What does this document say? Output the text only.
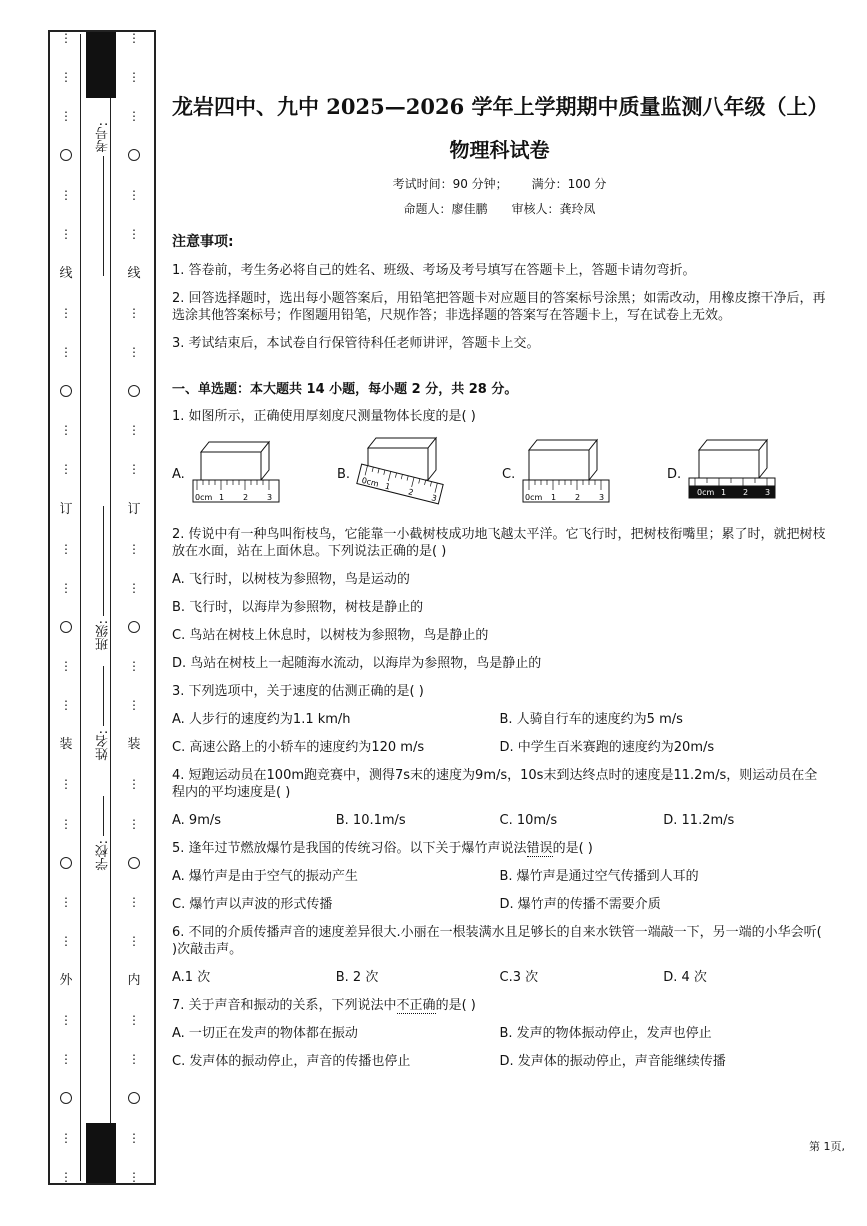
⋮
⋮
⋮
⋮
⋮
线
⋮
⋮
⋮
⋮
订
⋮
⋮
⋮
⋮
装
⋮
⋮
⋮
⋮
外
⋮
⋮
⋮
⋮
考号:
班级:
姓名:
学校:
⋮
⋮
⋮
⋮
⋮
线
⋮
⋮
⋮
⋮
订
⋮
⋮
⋮
⋮
装
⋮
⋮
⋮
⋮
内
⋮
⋮
⋮
⋮
龙岩四中、九中 2025—2026 学年上学期期中质量监测八年级（上）
物理科试卷
考试时间：90 分钟； 满分：100 分
命题人：廖佳鹏 审核人：龚玲凤
注意事项:

1. 答卷前，考生务必将自己的姓名、班级、考场及考号填写在答题卡上，答题卡请勿弯折。

2. 回答选择题时，选出每小题答案后，用铅笔把答题卡对应题目的答案标号涂黑；如需改动，用橡皮擦干净后，再选涂其他答案标号；作图题用铅笔，尺规作答；非选择题的答案写在答题卡上，写在试卷上无效。

3. 考试结束后，本试卷自行保管待科任老师讲评，答题卡上交。

一、单选题：本大题共 14 小题，每小题 2 分，共 28 分。

1. 如图所示，正确使用厚刻度尺测量物体长度的是( )

A.
0cm 1 2 3
B.
0cm 1
2
3
C.
0cm 1 2 3
D.
0cm 1 2 3

2. 传说中有一种鸟叫衔枝鸟，它能靠一小截树枝成功地飞越太平洋。它飞行时，把树枝衔嘴里；累了时，就把树枝放在水面，站在上面休息。下列说法正确的是( )

A. 飞行时，以树枝为参照物，鸟是运动的

B. 飞行时，以海岸为参照物，树枝是静止的

C. 鸟站在树枝上休息时，以树枝为参照物，鸟是静止的

D. 鸟站在树枝上一起随海水流动，以海岸为参照物，鸟是静止的

3. 下列选项中，关于速度的估测正确的是( )

A. 人步行的速度约为1.1 km/h	B. 人骑自行车的速度约为5 m/s
C. 高速公路上的小轿车的速度约为120 m/s	D. 中学生百米赛跑的速度约为20m/s

4. 短跑运动员在100m跑竞赛中，测得7s末的速度为9m/s，10s末到达终点时的速度是11.2m/s，则运动员在全程内的平均速度是( )

A. 9m/s	B. 10.1m/s	C. 10m/s	D. 11.2m/s

5. 逢年过节燃放爆竹是我国的传统习俗。以下关于爆竹声说法错误的是( )

A. 爆竹声是由于空气的振动产生	B. 爆竹声是通过空气传播到人耳的
C. 爆竹声以声波的形式传播	D. 爆竹声的传播不需要介质

6. 不同的介质传播声音的速度差异很大.小丽在一根装满水且足够长的自来水铁管一端敲一下，另一端的小华会听( )次敲击声。

A.1 次	B. 2 次	C.3 次	D. 4 次

7. 关于声音和振动的关系，下列说法中不正确的是( )

A. 一切正在发声的物体都在振动	B. 发声的物体振动停止，发声也停止
C. 发声体的振动停止，声音的传播也停止	D. 发声体的振动停止，声音能继续传播
第 1页,
